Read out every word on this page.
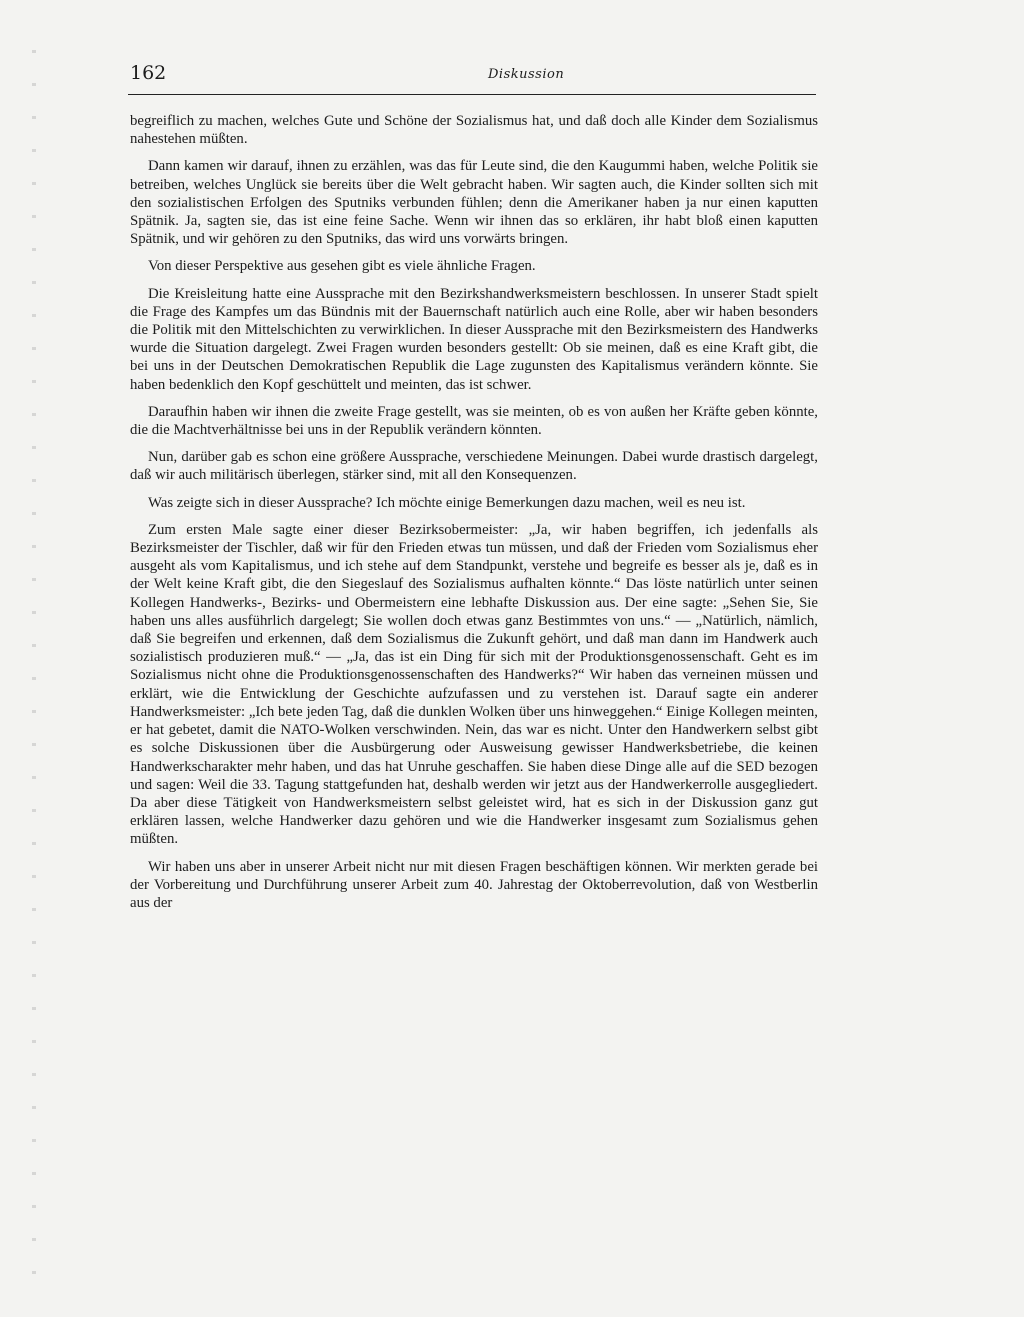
162	Diskussion

begreiflich zu machen, welches Gute und Schöne der Sozialismus hat, und daß doch alle Kinder dem Sozialismus nahestehen müßten.

Dann kamen wir darauf, ihnen zu erzählen, was das für Leute sind, die den Kaugummi haben, welche Politik sie betreiben, welches Unglück sie bereits über die Welt gebracht haben. Wir sagten auch, die Kinder sollten sich mit den sozialistischen Erfolgen des Sputniks verbunden fühlen; denn die Amerikaner haben ja nur einen kaputten Spätnik. Ja, sagten sie, das ist eine feine Sache. Wenn wir ihnen das so erklären, ihr habt bloß einen kaputten Spätnik, und wir gehören zu den Sputniks, das wird uns vorwärts bringen.

Von dieser Perspektive aus gesehen gibt es viele ähnliche Fragen.

Die Kreisleitung hatte eine Aussprache mit den Bezirkshandwerksmeistern beschlossen. In unserer Stadt spielt die Frage des Kampfes um das Bündnis mit der Bauernschaft natürlich auch eine Rolle, aber wir haben besonders die Politik mit den Mittelschichten zu verwirklichen. In dieser Aussprache mit den Bezirksmeistern des Handwerks wurde die Situation dargelegt. Zwei Fragen wurden besonders gestellt: Ob sie meinen, daß es eine Kraft gibt, die bei uns in der Deutschen Demokratischen Republik die Lage zugunsten des Kapitalismus verändern könnte. Sie haben bedenklich den Kopf geschüttelt und meinten, das ist schwer.

Daraufhin haben wir ihnen die zweite Frage gestellt, was sie meinten, ob es von außen her Kräfte geben könnte, die die Machtverhältnisse bei uns in der Republik verändern könnten.

Nun, darüber gab es schon eine größere Aussprache, verschiedene Meinungen. Dabei wurde drastisch dargelegt, daß wir auch militärisch überlegen, stärker sind, mit all den Konsequenzen.

Was zeigte sich in dieser Aussprache? Ich möchte einige Bemerkungen dazu machen, weil es neu ist.

Zum ersten Male sagte einer dieser Bezirksobermeister: „Ja, wir haben begriffen, ich jedenfalls als Bezirksmeister der Tischler, daß wir für den Frieden etwas tun müssen, und daß der Frieden vom Sozialismus eher ausgeht als vom Kapitalismus, und ich stehe auf dem Standpunkt, verstehe und begreife es besser als je, daß es in der Welt keine Kraft gibt, die den Siegeslauf des Sozialismus aufhalten könnte.“ Das löste natürlich unter seinen Kollegen Handwerks-, Bezirks- und Obermeistern eine lebhafte Diskussion aus. Der eine sagte: „Sehen Sie, Sie haben uns alles ausführlich dargelegt; Sie wollen doch etwas ganz Bestimmtes von uns.“ — „Natürlich, nämlich, daß Sie begreifen und erkennen, daß dem Sozialismus die Zukunft gehört, und daß man dann im Handwerk auch sozialistisch produzieren muß.“ — „Ja, das ist ein Ding für sich mit der Produktionsgenossenschaft. Geht es im Sozialismus nicht ohne die Produktionsgenossenschaften des Handwerks?“ Wir haben das verneinen müssen und erklärt, wie die Entwicklung der Geschichte aufzufassen und zu verstehen ist. Darauf sagte ein anderer Handwerksmeister: „Ich bete jeden Tag, daß die dunklen Wolken über uns hinweggehen.“ Einige Kollegen meinten, er hat gebetet, damit die NATO-Wolken verschwinden. Nein, das war es nicht. Unter den Handwerkern selbst gibt es solche Diskussionen über die Ausbürgerung oder Ausweisung gewisser Handwerksbetriebe, die keinen Handwerkscharakter mehr haben, und das hat Unruhe geschaffen. Sie haben diese Dinge alle auf die SED bezogen und sagen: Weil die 33. Tagung stattgefunden hat, deshalb werden wir jetzt aus der Handwerkerrolle ausgegliedert. Da aber diese Tätigkeit von Handwerksmeistern selbst geleistet wird, hat es sich in der Diskussion ganz gut erklären lassen, welche Handwerker dazu gehören und wie die Handwerker insgesamt zum Sozialismus gehen müßten.

Wir haben uns aber in unserer Arbeit nicht nur mit diesen Fragen beschäftigen können. Wir merkten gerade bei der Vorbereitung und Durchführung unserer Arbeit zum 40. Jahrestag der Oktoberrevolution, daß von Westberlin aus der
